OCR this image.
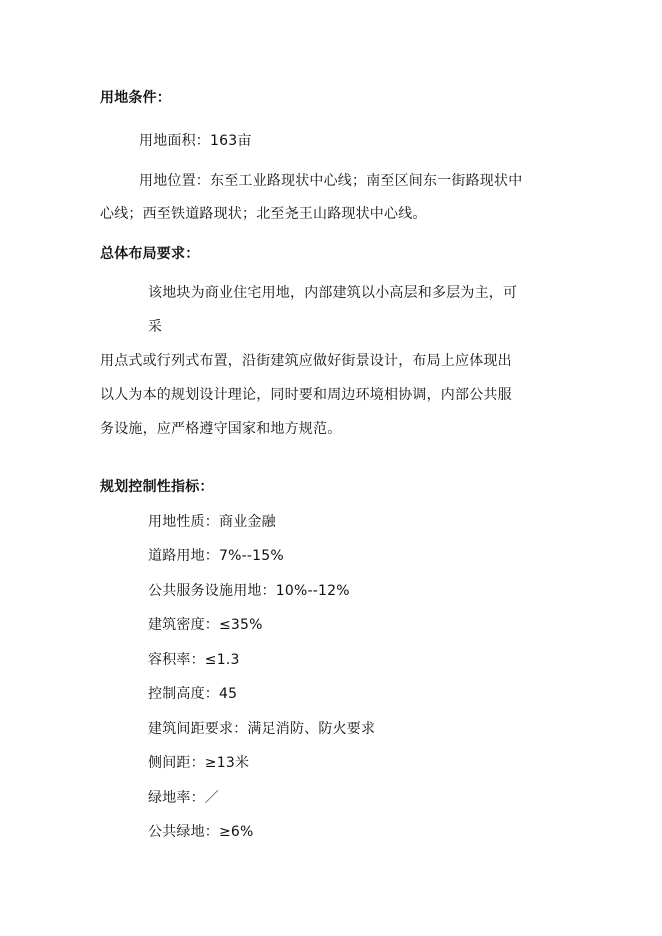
用地条件：
用地面积：163亩
用地位置：东至工业路现状中心线；南至区间东一街路现状中
心线；西至铁道路现状；北至尧王山路现状中心线。
总体布局要求：
该地块为商业住宅用地，内部建筑以小高层和多层为主，可
采
用点式或行列式布置，沿街建筑应做好街景设计，布局上应体现出
以人为本的规划设计理论，同时要和周边环境相协调，内部公共服
务设施，应严格遵守国家和地方规范。
规划控制性指标：
用地性质：商业金融
道路用地：7%--15%
公共服务设施用地：10%--12%
建筑密度：≤35%
容积率：≤1.3
控制高度：45
建筑间距要求：满足消防、防火要求
侧间距：≥13米
绿地率：／
公共绿地：≥6%
